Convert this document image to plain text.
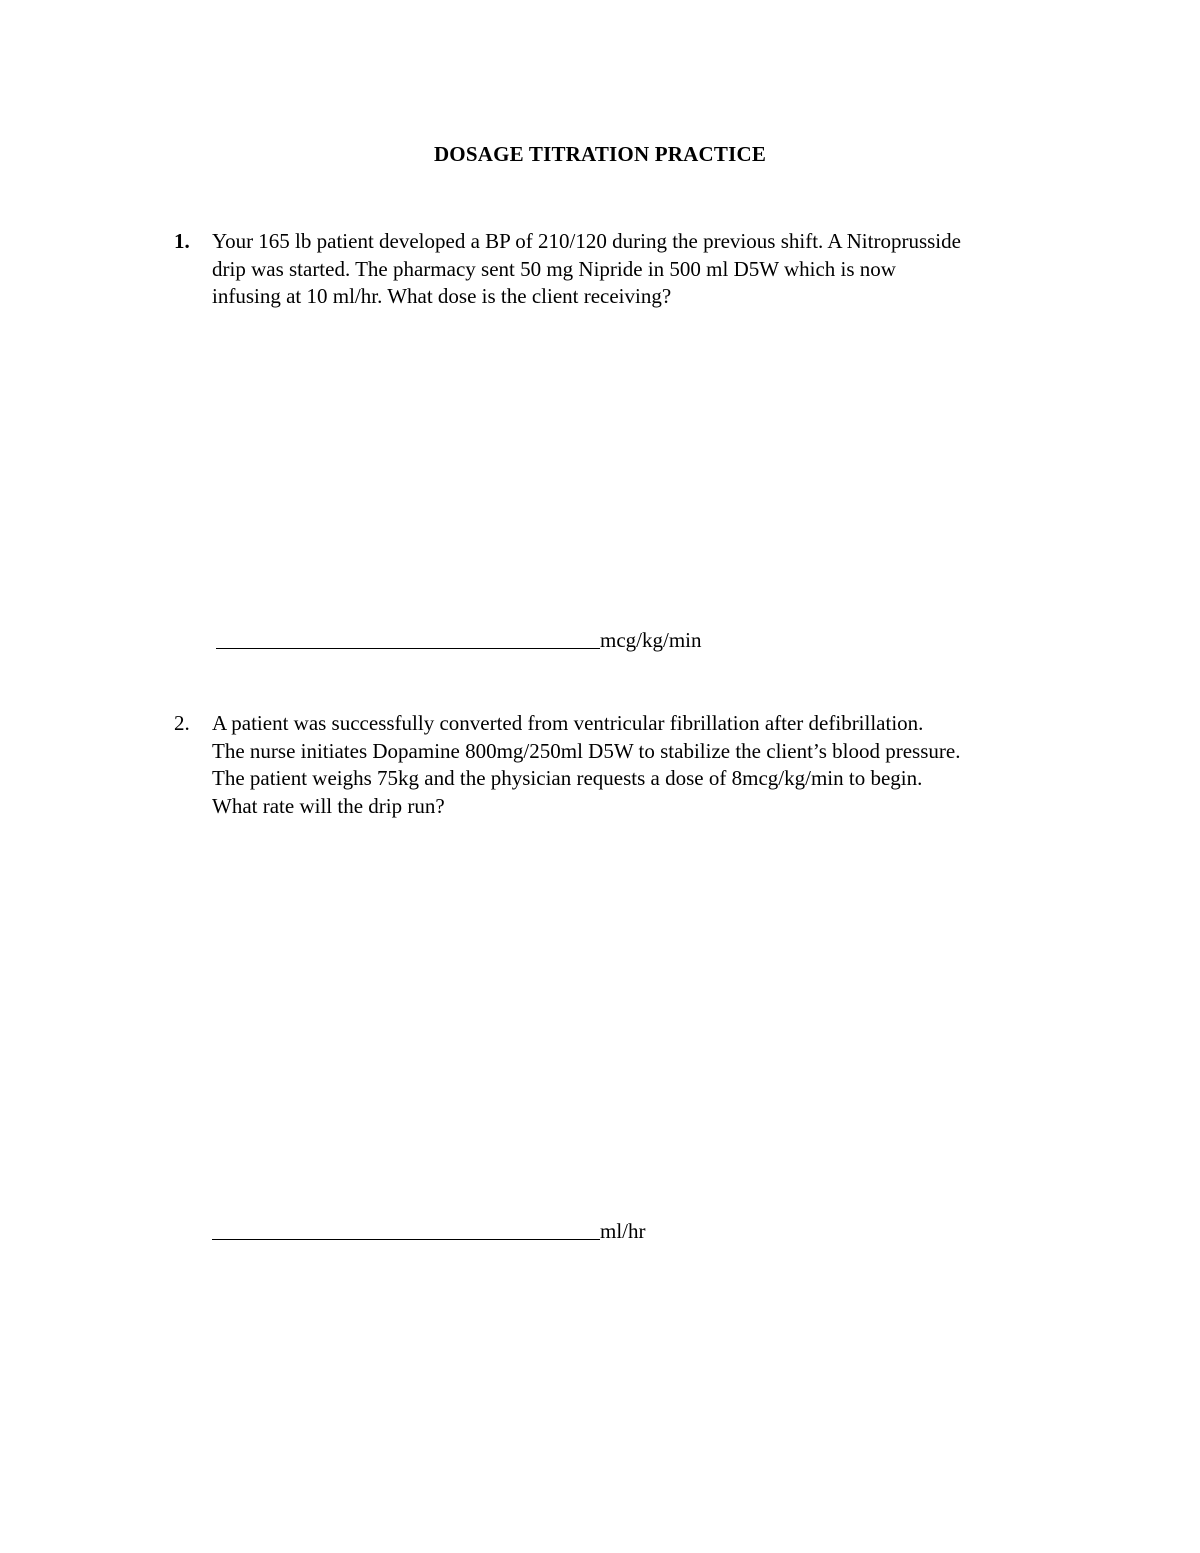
DOSAGE TITRATION PRACTICE
1.	Your 165 lb patient developed a BP of 210/120 during the previous shift. A Nitroprusside
drip was started. The pharmacy sent 50 mg Nipride in 500 ml D5W which is now
infusing at 10 ml/hr. What dose is the client receiving?
mcg/kg/min
2.	A patient was successfully converted from ventricular fibrillation after defibrillation.
The nurse initiates Dopamine 800mg/250ml D5W to stabilize the client’s blood pressure.
The patient weighs 75kg and the physician requests a dose of 8mcg/kg/min to begin.
What rate will the drip run?
ml/hr
